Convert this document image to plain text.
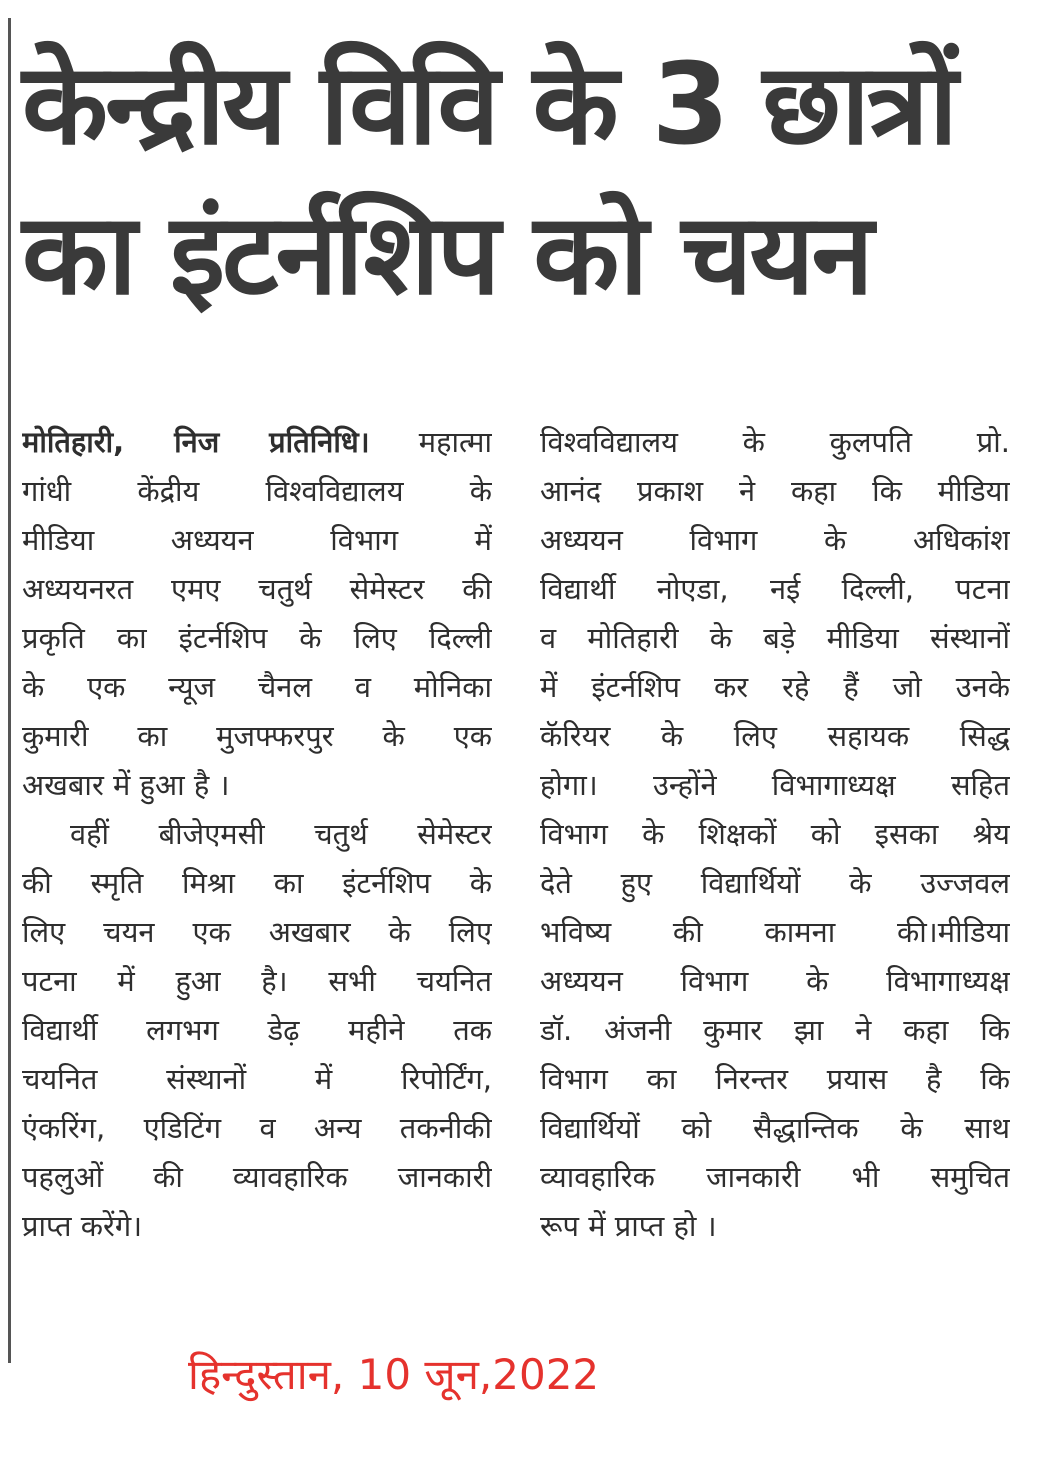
केन्द्रीय विवि के 3 छात्रों
का इंटर्नशिप को चयन
मोतिहारी, निज प्रतिनिधि। महात्मा
गांधी केंद्रीय विश्वविद्यालय के
मीडिया अध्ययन विभाग में
अध्ययनरत एमए चतुर्थ सेमेस्टर की
प्रकृति का इंटर्नशिप के लिए दिल्ली
के एक न्यूज चैनल व मोनिका
कुमारी का मुजफ्फरपुर के एक
अखबार में हुआ है ।
वहीं बीजेएमसी चतुर्थ सेमेस्टर
की स्मृति मिश्रा का इंटर्नशिप के
लिए चयन एक अखबार के लिए
पटना में हुआ है। सभी चयनित
विद्यार्थी लगभग डेढ़ महीने तक
चयनित संस्थानों में रिपोर्टिंग,
एंकरिंग, एडिटिंग व अन्य तकनीकी
पहलुओं की व्यावहारिक जानकारी
प्राप्त करेंगे।
विश्वविद्यालय के कुलपति प्रो.
आनंद प्रकाश ने कहा कि मीडिया
अध्ययन विभाग के अधिकांश
विद्यार्थी नोएडा, नई दिल्ली, पटना
व मोतिहारी के बड़े मीडिया संस्थानों
में इंटर्नशिप कर रहे हैं जो उनके
कॅरियर के लिए सहायक सिद्ध
होगा। उन्होंने विभागाध्यक्ष सहित
विभाग के शिक्षकों को इसका श्रेय
देते हुए विद्यार्थियों के उज्जवल
भविष्य की कामना की।मीडिया
अध्ययन विभाग के विभागाध्यक्ष
डॉ. अंजनी कुमार झा ने कहा कि
विभाग का निरन्तर प्रयास है कि
विद्यार्थियों को सैद्धान्तिक के साथ
व्यावहारिक जानकारी भी समुचित
रूप में प्राप्त हो ।
हिन्दुस्तान, 10 जून,2022
